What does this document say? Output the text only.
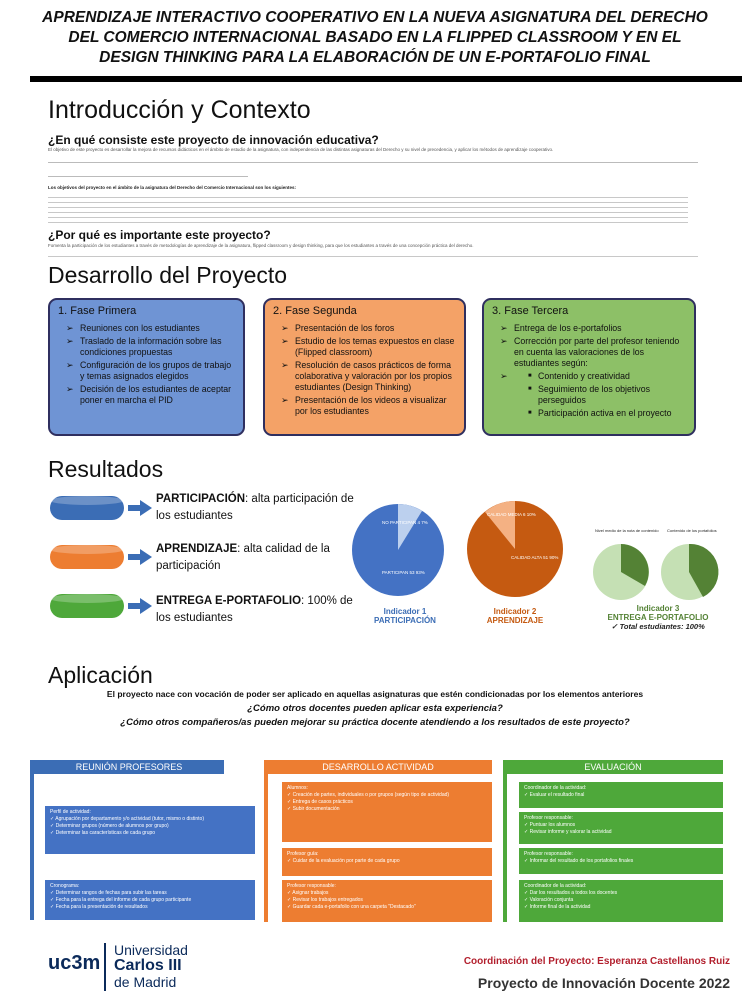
APRENDIZAJE INTERACTIVO COOPERATIVO EN LA NUEVA ASIGNATURA DEL DERECHO
DEL COMERCIO INTERNACIONAL BASADO EN LA FLIPPED CLASSROOM Y EN EL
DESIGN THINKING PARA LA ELABORACIÓN DE UN E-PORTAFOLIO FINAL
Introducción y Contexto
¿En qué consiste este proyecto de innovación educativa?
El objetivo de este proyecto es desarrollar la mejora de recursos didácticos en el ámbito de estudio de la asignatura, con independencia de las distintas asignaturas del Derecho y su nivel de precedencia, y aplicar los métodos de aprendizaje cooperativo.
Los objetivos del proyecto en el ámbito de la asignatura del Derecho del Comercio Internacional son los siguientes:
¿Por qué es importante este proyecto?
Fomenta la participación de los estudiantes a través de metodologías de aprendizaje de la asignatura, flipped classroom y design thinking, para que los estudiantes a través de una concepción práctica del derecho.
Desarrollo del Proyecto
1. Fase Primera
➢ Reuniones con los estudiantes
➢ Traslado de la información sobre las condiciones propuestas
➢ Configuración de los grupos de trabajo y temas asignados elegidos
➢ Decisión de los estudiantes de aceptar poner en marcha el PID
2. Fase Segunda
➢ Presentación de los foros
➢ Estudio de los temas expuestos en clase (Flipped classroom)
➢ Resolución de casos prácticos de forma colaborativa y valoración por los propios estudiantes (Design Thinking)
➢ Presentación de los videos a visualizar por los estudiantes
3. Fase Tercera
➢ Entrega de los e-portafolios
➢ Corrección por parte del profesor teniendo en cuenta las valoraciones de los estudiantes según:
■ ➢ Contenido y creatividad
■ Seguimiento de los objetivos perseguidos
■ Participación activa en el proyecto
Resultados
PARTICIPACIÓN: alta participación de los estudiantes
APRENDIZAJE: alta calidad de la participación
ENTREGA E-PORTAFOLIO: 100% de los estudiantes
NO PARTICIPAN 4 7%
PARTICIPAN 53 93%
Indicador 1
PARTICIPACIÓN
CALIDAD MEDIA 6 10%
CALIDAD ALTA 51 90%
Indicador 2
APRENDIZAJE
Nivel medio de la nota de contenido Contenido de los portafolios
Indicador 3
ENTREGA E-PORTAFOLIO
✓ Total estudiantes: 100%
Aplicación
El proyecto nace con vocación de poder ser aplicado en aquellas asignaturas que estén condicionadas por los elementos anteriores
¿Cómo otros docentes pueden aplicar esta experiencia?
¿Cómo otros compañeros/as pueden mejorar su práctica docente atendiendo a los resultados de este proyecto?
REUNIÓN PROFESORES
Perfil de actividad:
✓ Agrupación por departamento y/o actividad (tutor, mismo o distinto)
✓ Determinar grupos (número de alumnos por grupo)
✓ Determinar las características de cada grupo
Cronograma:
✓ Determinar rangos de fechas para subir las tareas
✓ Fecha para la entrega del informe de cada grupo participante
✓ Fecha para la presentación de resultados
DESARROLLO ACTIVIDAD
Alumnos:
✓ Creación de partes, individuales o por grupos (según tipo de actividad)
✓ Entrega de casos prácticos
✓ Subir documentación
Profesor guía:
✓ Cuidar de la evaluación por parte de cada grupo
Profesor responsable:
✓ Asignar trabajos
✓ Revisar los trabajos entregados
✓ Guardar cada e-portafolio con una carpeta "Destacado"
EVALUACIÓN
Coordinador de la actividad:
✓ Evaluar el resultado final
Profesor responsable:
✓ Puntuar los alumnos
✓ Revisar informe y valorar la actividad
Profesor responsable:
✓ Informar del resultado de los portafolios finales
Coordinador de la actividad:
✓ Dar los resultados a todos los docentes
✓ Valoración conjunta
✓ Informe final de la actividad
uc3m
Universidad
Carlos III
de Madrid
Coordinación del Proyecto: Esperanza Castellanos Ruiz
Proyecto de Innovación Docente 2022
